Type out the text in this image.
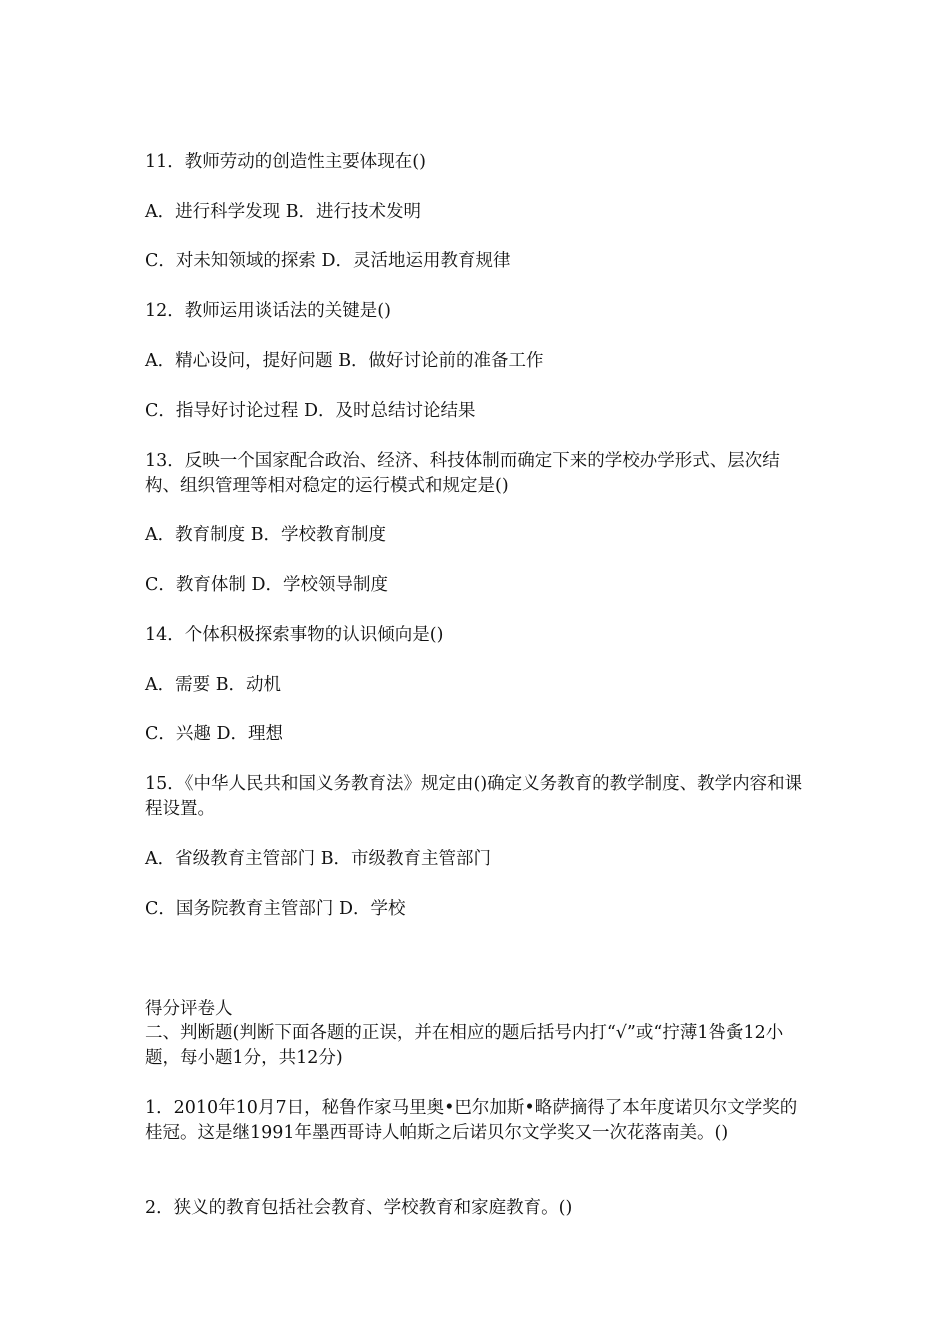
11．教师劳动的创造性主要体现在()
A．进行科学发现 B．进行技术发明
C．对未知领域的探索 D．灵活地运用教育规律
12．教师运用谈话法的关键是()
A．精心设问，提好问题 B．做好讨论前的准备工作
C．指导好讨论过程 D．及时总结讨论结果
13．反映一个国家配合政治、经济、科技体制而确定下来的学校办学形式、层次结构、组织管理等相对稳定的运行模式和规定是()
A．教育制度 B．学校教育制度
C．教育体制 D．学校领导制度
14．个体积极探索事物的认识倾向是()
A．需要 B．动机
C．兴趣 D．理想
15．《中华人民共和国义务教育法》规定由()确定义务教育的教学制度、教学内容和课程设置。
A．省级教育主管部门 B．市级教育主管部门
C．国务院教育主管部门 D．学校
得分评卷人
二、判断题(判断下面各题的正误，并在相应的题后括号内打“√”或“拧薄1咎夤12小题，每小题1分，共12分)
1．2010年10月7日，秘鲁作家马里奥•巴尔加斯•略萨摘得了本年度诺贝尔文学奖的桂冠。这是继1991年墨西哥诗人帕斯之后诺贝尔文学奖又一次花落南美。()
2．狭义的教育包括社会教育、学校教育和家庭教育。()
